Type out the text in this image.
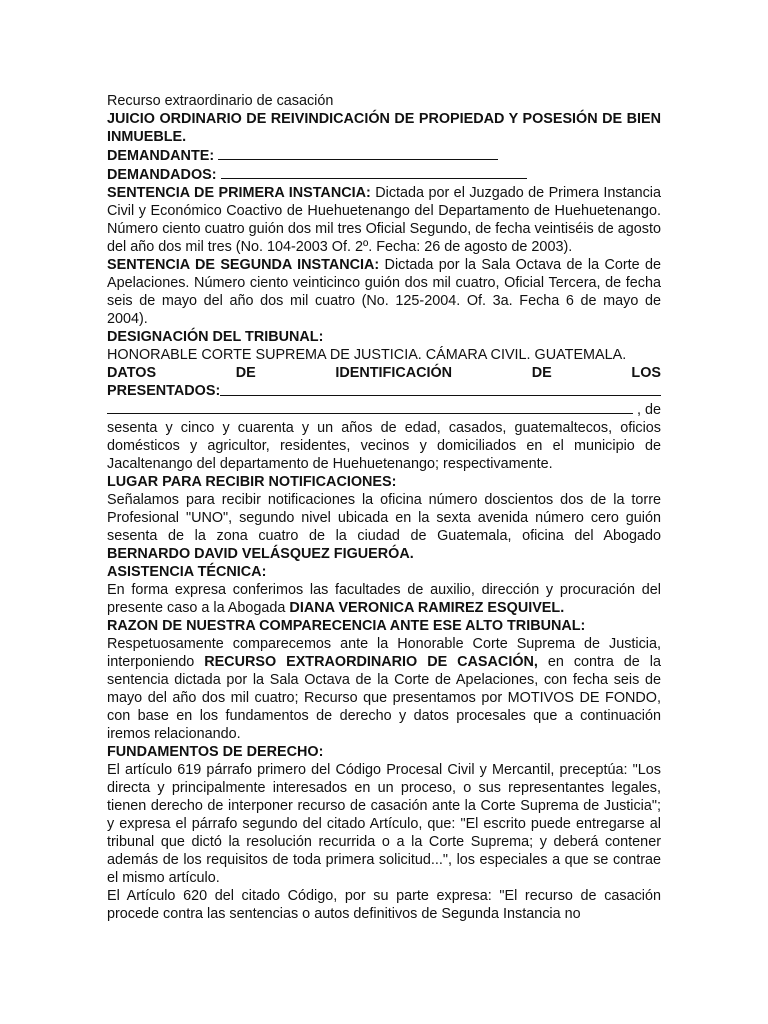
Recurso extraordinario de casación

JUICIO ORDINARIO DE REIVINDICACIÓN DE PROPIEDAD Y POSESIÓN DE BIEN INMUEBLE.

DEMANDANTE:

DEMANDADOS:

SENTENCIA DE PRIMERA INSTANCIA: Dictada por el Juzgado de Primera Instancia Civil y Económico Coactivo de Huehuetenango del Departamento de Huehuetenango. Número ciento cuatro guión dos mil tres Oficial Segundo, de fecha veintiséis de agosto del año dos mil tres (No. 104-2003 Of. 2º. Fecha: 26 de agosto de 2003).

SENTENCIA DE SEGUNDA INSTANCIA: Dictada por la Sala Octava de la Corte de Apelaciones. Número ciento veinticinco guión dos mil cuatro, Oficial Tercera, de fecha seis de mayo del año dos mil cuatro (No. 125-2004. Of. 3a. Fecha 6 de mayo de 2004).

DESIGNACIÓN DEL TRIBUNAL:

HONORABLE CORTE SUPREMA DE JUSTICIA. CÁMARA CIVIL. GUATEMALA.

DATOS	DE	IDENTIFICACIÓN	DE	LOS
PRESENTADOS:
, de

sesenta y cinco y cuarenta y un años de edad, casados, guatemaltecos, oficios domésticos y agricultor, residentes, vecinos y domiciliados en el municipio de Jacaltenango del departamento de Huehuetenango; respectivamente.

LUGAR PARA RECIBIR NOTIFICACIONES:

Señalamos para recibir notificaciones la oficina número doscientos dos de la torre Profesional "UNO", segundo nivel ubicada en la sexta avenida número cero guión sesenta de la zona cuatro de la ciudad de Guatemala, oficina del Abogado BERNARDO DAVID VELÁSQUEZ FIGUERÓA.

ASISTENCIA TÉCNICA:

En forma expresa conferimos las facultades de auxilio, dirección y procuración del presente caso a la Abogada DIANA VERONICA RAMIREZ ESQUIVEL.

RAZON DE NUESTRA COMPARECENCIA ANTE ESE ALTO TRIBUNAL:

Respetuosamente comparecemos ante la Honorable Corte Suprema de Justicia, interponiendo RECURSO EXTRAORDINARIO DE CASACIÓN, en contra de la sentencia dictada por la Sala Octava de la Corte de Apelaciones, con fecha seis de mayo del año dos mil cuatro; Recurso que presentamos por MOTIVOS DE FONDO, con base en los fundamentos de derecho y datos procesales que a continuación iremos relacionando.

FUNDAMENTOS DE DERECHO:

El artículo 619 párrafo primero del Código Procesal Civil y Mercantil, preceptúa: "Los directa y principalmente interesados en un proceso, o sus representantes legales, tienen derecho de interponer recurso de casación ante la Corte Suprema de Justicia"; y expresa el párrafo segundo del citado Artículo, que: "El escrito puede entregarse al tribunal que dictó la resolución recurrida o a la Corte Suprema; y deberá contener además de los requisitos de toda primera solicitud...", los especiales a que se contrae el mismo artículo.

El Artículo 620 del citado Código, por su parte expresa: "El recurso de casación procede contra las sentencias o autos definitivos de Segunda Instancia no
